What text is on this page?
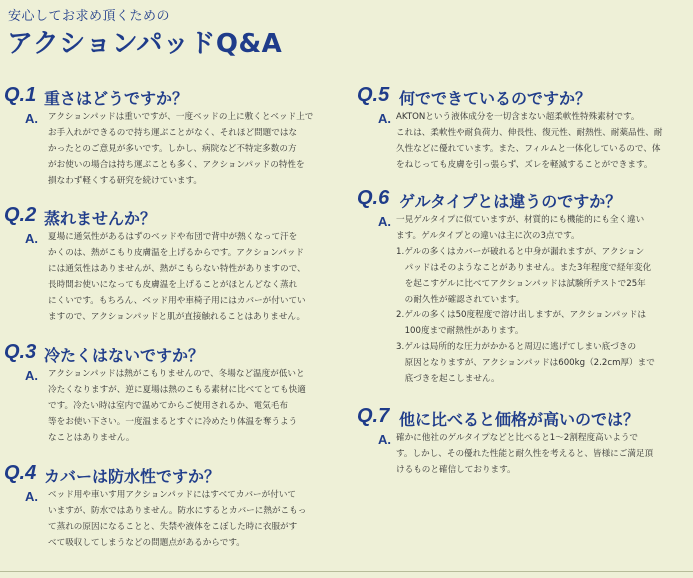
安心してお求め頂くための
アクションパッドQ&A
Q.1 重さはどうですか？
A. アクションパッドは重いですが、一度ベッドの上に敷くとベッド上で
お手入れができるので持ち運ぶことがなく、それほど問題ではな
かったとのご意見が多いです。しかし、病院など不特定多数の方
がお使いの場合は持ち運ぶことも多く、アクションパッドの特性を
損なわず軽くする研究を続けています。
Q.2 蒸れませんか？
A. 夏場に通気性があるはずのベッドや布団で背中が熱くなって汗を
かくのは、熱がこもり皮膚温を上げるからです。アクションパッド
には通気性はありませんが、熱がこもらない特性がありますので、
長時間お使いになっても皮膚温を上げることがほとんどなく蒸れ
にくいです。もちろん、ベッド用や車椅子用にはカバーが付いてい
ますので、アクションパッドと肌が直接触れることはありません。
Q.3 冷たくはないですか？
A. アクションパッドは熱がこもりませんので、冬場など温度が低いと
冷たくなりますが、逆に夏場は熱のこもる素材に比べてとても快適
です。冷たい時は室内で温めてからご使用されるか、電気毛布
等をお使い下さい。一度温まるとすぐに冷めたり体温を奪うよう
なことはありません。
Q.4 カバーは防水性ですか？
A. ベッド用や車いす用アクションパッドにはすべてカバーが付いて
いますが、防水ではありません。防水にするとカバーに熱がこもっ
て蒸れの原因になることと、失禁や液体をこぼした時に衣服がす
べて吸収してしまうなどの問題点があるからです。
Q.5 何でできているのですか？
A. AKTONという液体成分を一切含まない超柔軟性特殊素材です。
これは、柔軟性や耐負荷力、伸長性、復元性、耐熱性、耐薬品性、耐
久性などに優れています。また、フィルムと一体化しているので、体
をねじっても皮膚を引っ張らず、ズレを軽減することができます。
Q.6 ゲルタイプとは違うのですか？
A. 一見ゲルタイプに似ていますが、材質的にも機能的にも全く違い
ます。ゲルタイプとの違いは主に次の3点です。
1.ゲルの多くはカバーが破れると中身が漏れますが、アクション
　パッドはそのようなことがありません。また3年程度で経年変化
　を起こすゲルに比べてアクションパッドは試験所テストで25年
　の耐久性が確認されています。
2.ゲルの多くは50度程度で溶け出しますが、アクションパッドは
　100度まで耐熱性があります。
3.ゲルは局所的な圧力がかかると周辺に逃げてしまい底づきの
　原因となりますが、アクションパッドは600kg（2.2cm厚）まで
　底づきを起こしません。
Q.7 他に比べると価格が高いのでは？
A. 確かに他社のゲルタイプなどと比べると1～2割程度高いようで
す。しかし、その優れた性能と耐久性を考えると、皆様にご満足頂
けるものと確信しております。
